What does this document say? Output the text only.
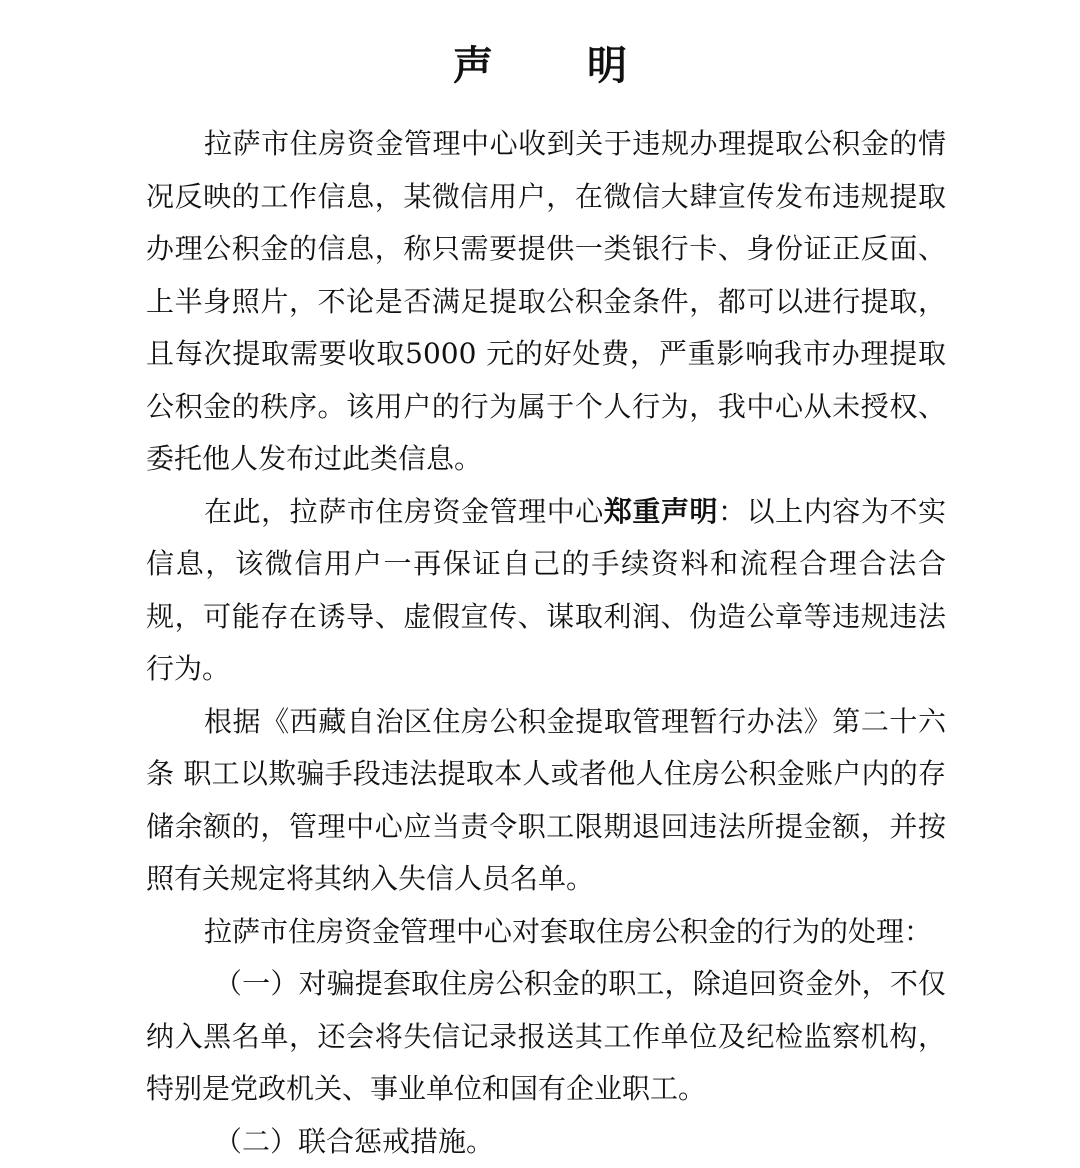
声 明

拉萨市住房资金管理中心收到关于违规办理提取公积金的情况反映的工作信息，某微信用户，在微信大肆宣传发布违规提取办理公积金的信息，称只需要提供一类银行卡、身份证正反面、上半身照片，不论是否满足提取公积金条件，都可以进行提取，且每次提取需要收取5000 元的好处费，严重影响我市办理提取公积金的秩序。该用户的行为属于个人行为，我中心从未授权、委托他人发布过此类信息。

在此，拉萨市住房资金管理中心郑重声明：以上内容为不实信息，该微信用户一再保证自己的手续资料和流程合理合法合规，可能存在诱导、虚假宣传、谋取利润、伪造公章等违规违法行为。

根据《西藏自治区住房公积金提取管理暂行办法》第二十六条 职工以欺骗手段违法提取本人或者他人住房公积金账户内的存储余额的，管理中心应当责令职工限期退回违法所提金额，并按照有关规定将其纳入失信人员名单。

拉萨市住房资金管理中心对套取住房公积金的行为的处理：

（一）对骗提套取住房公积金的职工，除追回资金外，不仅纳入黑名单，还会将失信记录报送其工作单位及纪检监察机构，特别是党政机关、事业单位和国有企业职工。

（二）联合惩戒措施。
